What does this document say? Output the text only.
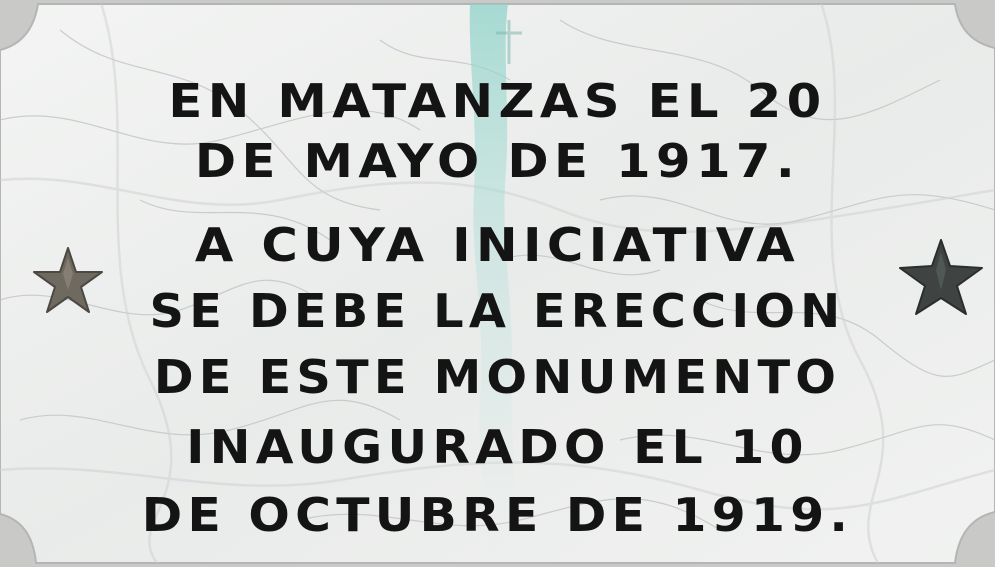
EN MATANZAS EL 20
DE MAYO DE 1917.
A CUYA INICIATIVA
SE DEBE LA ERECCION
DE ESTE MONUMENTO
INAUGURADO EL 10
DE OCTUBRE DE 1919.
